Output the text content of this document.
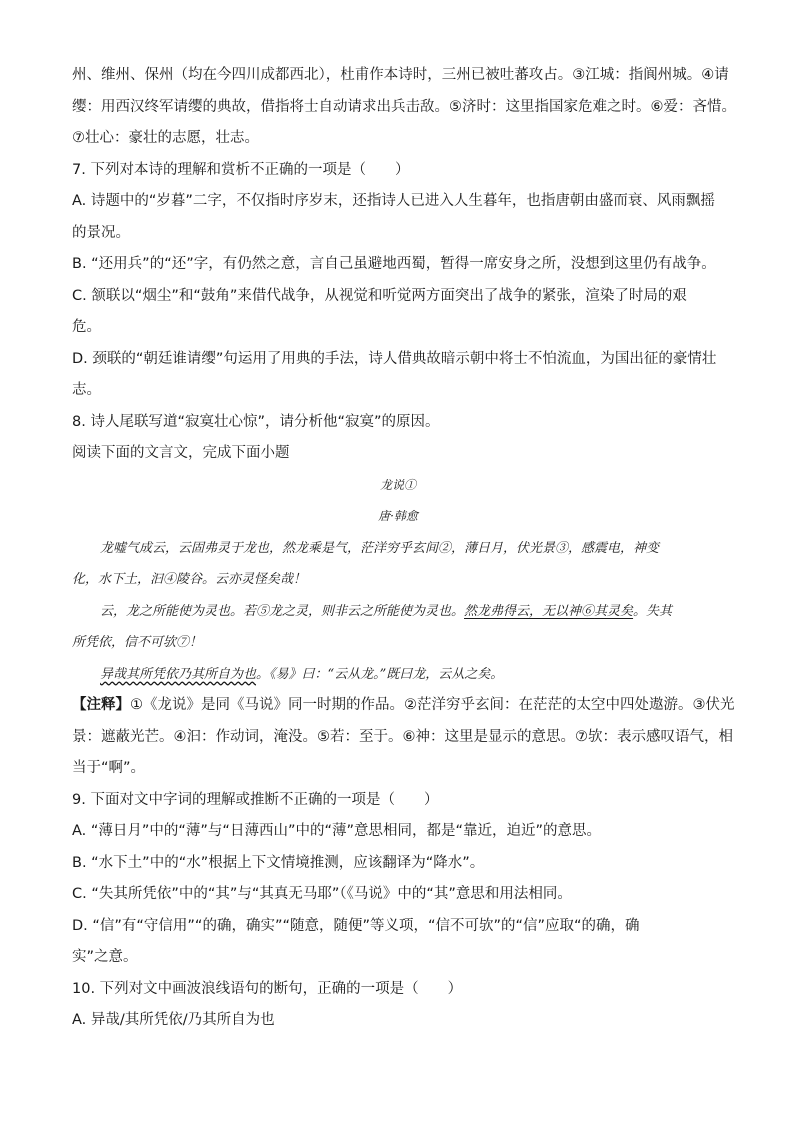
州、维州、保州（均在今四川成都西北），杜甫作本诗时，三州已被吐蕃攻占。③江城：指阆州城。④请
缨：用西汉终军请缨的典故，借指将士自动请求出兵击敌。⑤济时：这里指国家危难之时。⑥爱：吝惜。
⑦壮心：豪壮的志愿，壮志。
7. 下列对本诗的理解和赏析不正确的一项是（　　）
A. 诗题中的“岁暮”二字，不仅指时序岁末，还指诗人已进入人生暮年，也指唐朝由盛而衰、风雨飘摇
的景况。
B. “还用兵”的“还”字，有仍然之意，言自己虽避地西蜀，暂得一席安身之所，没想到这里仍有战争。
C. 颔联以“烟尘”和“鼓角”来借代战争，从视觉和听觉两方面突出了战争的紧张，渲染了时局的艰
危。
D. 颈联的“朝廷谁请缨”句运用了用典的手法，诗人借典故暗示朝中将士不怕流血，为国出征的豪情壮
志。
8. 诗人尾联写道“寂寞壮心惊”，请分析他“寂寞”的原因。
阅读下面的文言文，完成下面小题
龙说①
唐·韩愈
龙嘘气成云，云固弗灵于龙也，然龙乘是气，茫洋穷乎玄间②，薄日月，伏光景③，感震电，神变
化，水下土，汩④陵谷。云亦灵怪矣哉！
云，龙之所能使为灵也。若⑤龙之灵，则非云之所能使为灵也。然龙弗得云，无以神⑥其灵矣。失其
所凭依，信不可欤⑦！
异哉其所凭依乃其所自为也。《易》曰：“云从龙。”既曰龙，云从之矣。
【注释】①《龙说》是同《马说》同一时期的作品。②茫洋穷乎玄间：在茫茫的太空中四处遨游。③伏光
景：遮蔽光芒。④汩：作动词，淹没。⑤若：至于。⑥神：这里是显示的意思。⑦欤：表示感叹语气，相
当于“啊”。
9. 下面对文中字词的理解或推断不正确的一项是（　　）
A. “薄日月”中的“薄”与“日薄西山”中的“薄”意思相同，都是“靠近，迫近”的意思。
B. “水下土”中的“水”根据上下文情境推测，应该翻译为“降水”。
C. “失其所凭依”中的“其”与“其真无马耶”（《马说》中的“其”意思和用法相同。
D. “信”有“守信用”“的确，确实”“随意，随便”等义项，“信不可欤”的“信”应取“的确，确
实”之意。
10. 下列对文中画波浪线语句的断句，正确的一项是（　　）
A. 异哉/其所凭依/乃其所自为也
